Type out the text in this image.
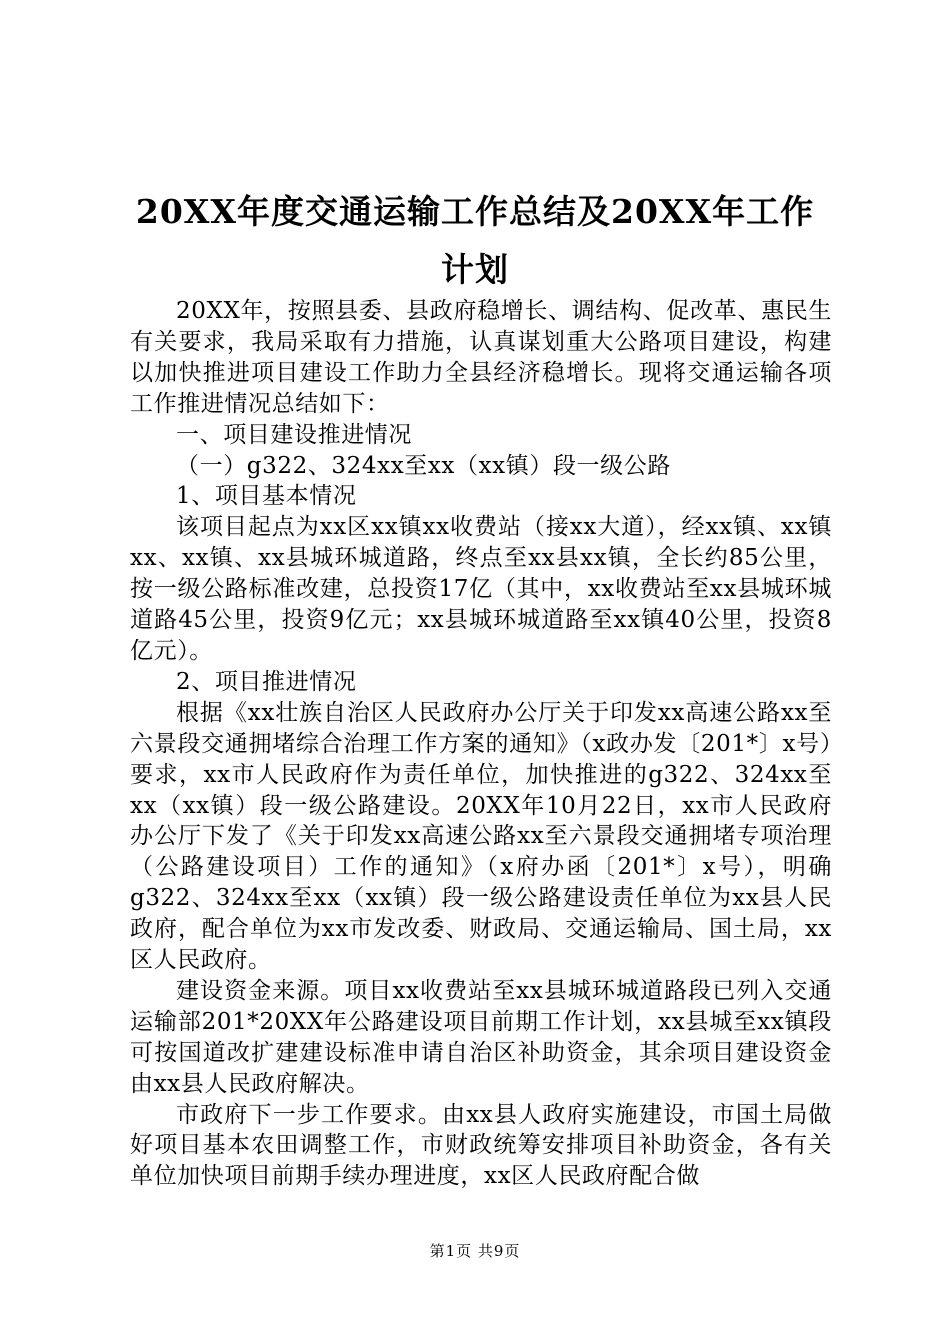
20XX年度交通运输工作总结及20XX年工作计划

20XX年，按照县委、县政府稳增长、调结构、促改革、惠民生有关要求，我局采取有力措施，认真谋划重大公路项目建设，构建以加快推进项目建设工作助力全县经济稳增长。现将交通运输各项工作推进情况总结如下：

一、项目建设推进情况

（一）g322、324xx至xx（xx镇）段一级公路

1、项目基本情况

该项目起点为xx区xx镇xx收费站（接xx大道），经xx镇、xx镇xx、xx镇、xx县城环城道路，终点至xx县xx镇，全长约85公里，按一级公路标准改建，总投资17亿（其中，xx收费站至xx县城环城道路45公里，投资9亿元；xx县城环城道路至xx镇40公里，投资8亿元）。

2、项目推进情况

根据《xx壮族自治区人民政府办公厅关于印发xx高速公路xx至六景段交通拥堵综合治理工作方案的通知》（x政办发〔201*〕x号）要求，xx市人民政府作为责任单位，加快推进的g322、324xx至xx（xx镇）段一级公路建设。20XX年10月22日，xx市人民政府办公厅下发了《关于印发xx高速公路xx至六景段交通拥堵专项治理（公路建设项目）工作的通知》（x府办函〔201*〕x号），明确g322、324xx至xx（xx镇）段一级公路建设责任单位为xx县人民政府，配合单位为xx市发改委、财政局、交通运输局、国土局，xx区人民政府。

建设资金来源。项目xx收费站至xx县城环城道路段已列入交通运输部201*20XX年公路建设项目前期工作计划，xx县城至xx镇段可按国道改扩建建设标准申请自治区补助资金，其余项目建设资金由xx县人民政府解决。

市政府下一步工作要求。由xx县人政府实施建设，市国土局做好项目基本农田调整工作，市财政统筹安排项目补助资金，各有关单位加快项目前期手续办理进度，xx区人民政府配合做

第1页 共9页
